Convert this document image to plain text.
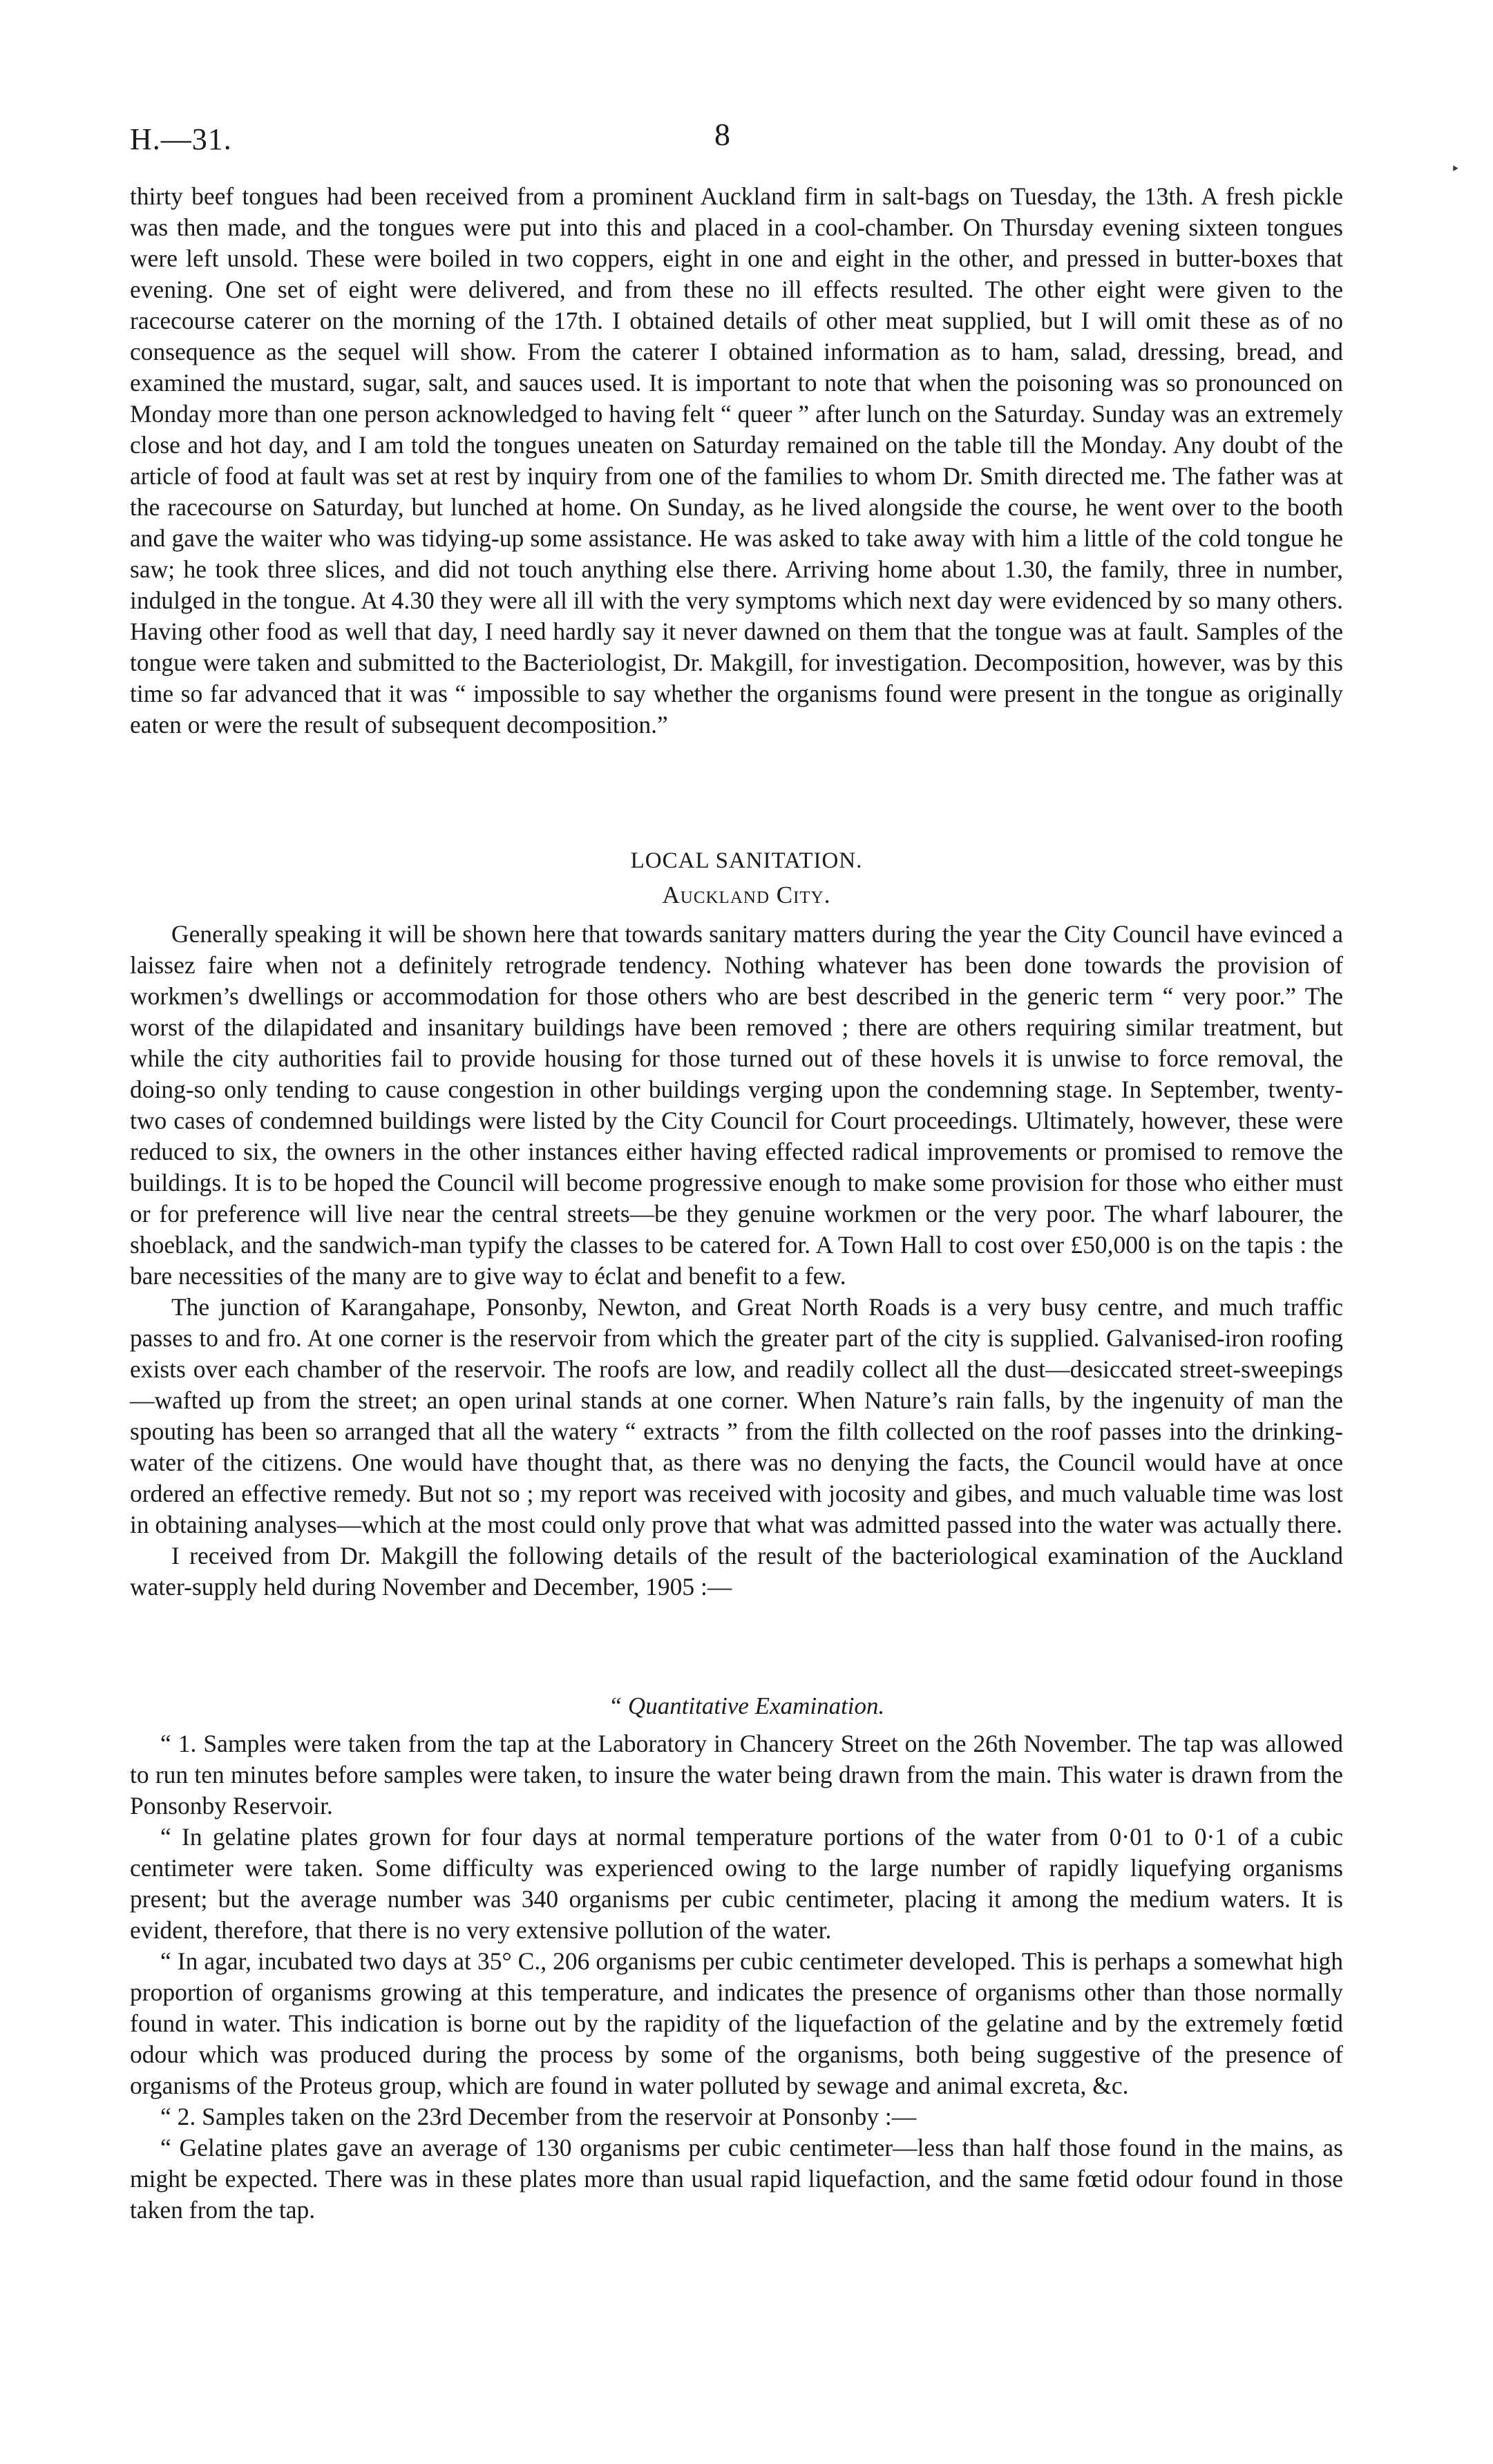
H.—31.	8
‣

thirty beef tongues had been received from a prominent Auckland firm in salt-bags on Tuesday, the 13th. A fresh pickle was then made, and the tongues were put into this and placed in a cool-chamber. On Thursday evening sixteen tongues were left unsold. These were boiled in two coppers, eight in one and eight in the other, and pressed in butter-boxes that evening. One set of eight were delivered, and from these no ill effects resulted. The other eight were given to the racecourse caterer on the morning of the 17th. I obtained details of other meat supplied, but I will omit these as of no consequence as the sequel will show. From the caterer I obtained information as to ham, salad, dressing, bread, and examined the mustard, sugar, salt, and sauces used. It is important to note that when the poisoning was so pronounced on Monday more than one person acknowledged to having felt “ queer ” after lunch on the Saturday. Sunday was an extremely close and hot day, and I am told the tongues uneaten on Saturday remained on the table till the Monday. Any doubt of the article of food at fault was set at rest by inquiry from one of the families to whom Dr. Smith directed me. The father was at the racecourse on Saturday, but lunched at home. On Sunday, as he lived alongside the course, he went over to the booth and gave the waiter who was tidying-up some assistance. He was asked to take away with him a little of the cold tongue he saw; he took three slices, and did not touch anything else there. Arriving home about 1.30, the family, three in number, indulged in the tongue. At 4.30 they were all ill with the very symptoms which next day were evidenced by so many others. Having other food as well that day, I need hardly say it never dawned on them that the tongue was at fault. Samples of the tongue were taken and submitted to the Bacteriologist, Dr. Makgill, for investigation. Decomposition, however, was by this time so far advanced that it was “ impossible to say whether the organisms found were present in the tongue as originally eaten or were the result of subsequent decomposition.”

LOCAL SANITATION.
Auckland City.

Generally speaking it will be shown here that towards sanitary matters during the year the City Council have evinced a laissez faire when not a definitely retrograde tendency. Nothing whatever has been done towards the provision of workmen’s dwellings or accommodation for those others who are best described in the generic term “ very poor.” The worst of the dilapidated and insanitary buildings have been removed ; there are others requiring similar treatment, but while the city authorities fail to provide housing for those turned out of these hovels it is unwise to force removal, the doing-so only tending to cause congestion in other buildings verging upon the condemning stage. In September, twenty-two cases of condemned buildings were listed by the City Council for Court proceedings. Ultimately, however, these were reduced to six, the owners in the other instances either having effected radical improvements or promised to remove the buildings. It is to be hoped the Council will become progressive enough to make some provision for those who either must or for preference will live near the central streets—be they genuine workmen or the very poor. The wharf labourer, the shoeblack, and the sandwich-man typify the classes to be catered for. A Town Hall to cost over £50,000 is on the tapis : the bare necessities of the many are to give way to éclat and benefit to a few.

The junction of Karangahape, Ponsonby, Newton, and Great North Roads is a very busy centre, and much traffic passes to and fro. At one corner is the reservoir from which the greater part of the city is supplied. Galvanised-iron roofing exists over each chamber of the reservoir. The roofs are low, and readily collect all the dust—desiccated street-sweepings—wafted up from the street; an open urinal stands at one corner. When Nature’s rain falls, by the ingenuity of man the spouting has been so arranged that all the watery “ extracts ” from the filth collected on the roof passes into the drinking-water of the citizens. One would have thought that, as there was no denying the facts, the Council would have at once ordered an effective remedy. But not so ; my report was received with jocosity and gibes, and much valuable time was lost in obtaining analyses—which at the most could only prove that what was admitted passed into the water was actually there.

I received from Dr. Makgill the following details of the result of the bacteriological examination of the Auckland water-supply held during November and December, 1905 :—

“ Quantitative Examination.

“ 1. Samples were taken from the tap at the Laboratory in Chancery Street on the 26th November. The tap was allowed to run ten minutes before samples were taken, to insure the water being drawn from the main. This water is drawn from the Ponsonby Reservoir.

“ In gelatine plates grown for four days at normal temperature portions of the water from 0·01 to 0·1 of a cubic centimeter were taken. Some difficulty was experienced owing to the large number of rapidly liquefying organisms present; but the average number was 340 organisms per cubic centimeter, placing it among the medium waters. It is evident, therefore, that there is no very extensive pollution of the water.

“ In agar, incubated two days at 35° C., 206 organisms per cubic centimeter developed. This is perhaps a somewhat high proportion of organisms growing at this temperature, and indicates the presence of organisms other than those normally found in water. This indication is borne out by the rapidity of the liquefaction of the gelatine and by the extremely fœtid odour which was produced during the process by some of the organisms, both being suggestive of the presence of organisms of the Proteus group, which are found in water polluted by sewage and animal excreta, &c.

“ 2. Samples taken on the 23rd December from the reservoir at Ponsonby :—

“ Gelatine plates gave an average of 130 organisms per cubic centimeter—less than half those found in the mains, as might be expected. There was in these plates more than usual rapid liquefaction, and the same fœtid odour found in those taken from the tap.
